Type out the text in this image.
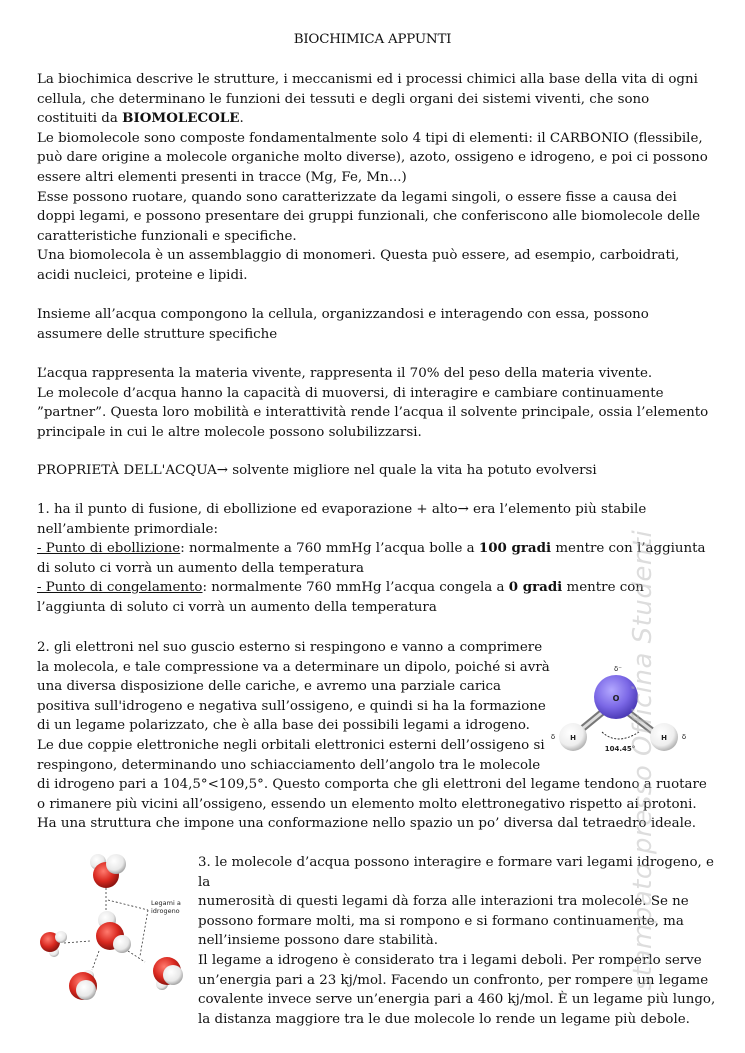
BIOCHIMICA APPUNTI

La biochimica descrive le strutture, i meccanismi ed i processi chimici alla base della vita di ogni cellula, che determinano le funzioni dei tessuti e degli organi dei sistemi viventi, che sono costituiti da BIOMOLECOLE.

Le biomolecole sono composte fondamentalmente solo 4 tipi di elementi: il CARBONIO (flessibile, può dare origine a molecole organiche molto diverse), azoto, ossigeno e idrogeno, e poi ci possono essere altri elementi presenti in tracce (Mg, Fe, Mn...)

Esse possono ruotare, quando sono caratterizzate da legami singoli, o essere fisse a causa dei doppi legami, e possono presentare dei gruppi funzionali, che conferiscono alle biomolecole delle caratteristiche funzionali e specifiche.

Una biomolecola è un assemblaggio di monomeri. Questa può essere, ad esempio, carboidrati, acidi nucleici, proteine e lipidi.

Insieme all’acqua compongono la cellula, organizzandosi e interagendo con essa, possono assumere delle strutture specifiche

L’acqua rappresenta la materia vivente, rappresenta il 70% del peso della materia vivente.

Le molecole d’acqua hanno la capacità di muoversi, di interagire e cambiare continuamente ”partner”. Questa loro mobilità e interattività rende l’acqua il solvente principale, ossia l’elemento principale in cui le altre molecole possono solubilizzarsi.

PROPRIETÀ DELL'ACQUA→ solvente migliore nel quale la vita ha potuto evolversi

1. ha il punto di fusione, di ebollizione ed evaporazione + alto→ era l’elemento più stabile nell’ambiente primordiale:

- Punto di ebollizione: normalmente a 760 mmHg l’acqua bolle a 100 gradi mentre con l’aggiunta di soluto ci vorrà un aumento della temperatura

- Punto di congelamento: normalmente 760 mmHg l’acqua congela a 0 gradi mentre con l’aggiunta di soluto ci vorrà un aumento della temperatura

2. gli elettroni nel suo guscio esterno si respingono e vanno a comprimere

la molecola, e tale compressione va a determinare un dipolo, poiché si avrà

una diversa disposizione delle cariche, e avremo una parziale carica

positiva sull'idrogeno e negativa sull’ossigeno, e quindi si ha la formazione

di un legame polarizzato, che è alla base dei possibili legami a idrogeno.

Le due coppie elettroniche negli orbitali elettronici esterni dell’ossigeno si

respingono, determinando uno schiacciamento dell’angolo tra le molecole

di idrogeno pari a 104,5°<109,5°. Questo comporta che gli elettroni del legame tendono a ruotare o rimanere più vicini all’ossigeno, essendo un elemento molto elettronegativo rispetto ai protoni. Ha una struttura che impone una conformazione nello spazio un po’ diversa dal tetraedro ideale.

O
δ⁻
H
δ	H δ
104.45°

3. le molecole d’acqua possono interagire e formare vari legami idrogeno, e la

numerosità di questi legami dà forza alle interazioni tra molecole. Se ne

possono formare molti, ma si rompono e si formano continuamente, ma

nell’insieme possono dare stabilità.

Il legame a idrogeno è considerato tra i legami deboli. Per romperlo serve

un’energia pari a 23 kj/mol. Facendo un confronto, per rompere un legame

covalente invece serve un’energia pari a 460 kj/mol. È un legame più lungo,

la distanza maggiore tra le due molecole lo rende un legame più debole.

Legami a
idrogeno	stampato presso Officina Studenti
